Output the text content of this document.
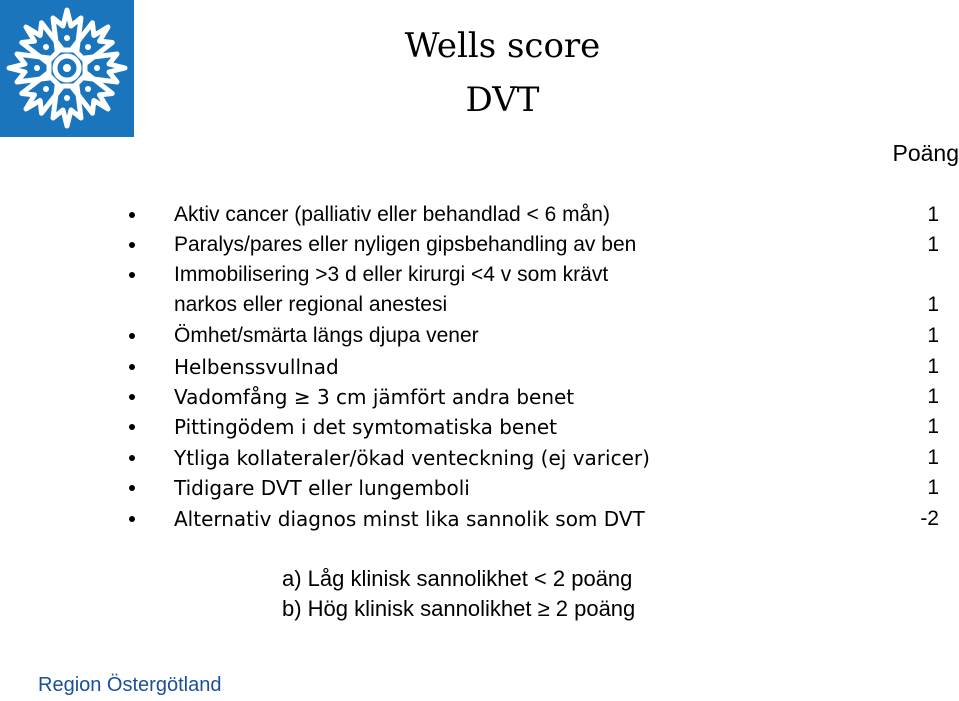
Wells score
DVT
Poäng
Aktiv cancer (palliativ eller behandlad < 6 mån)	1
Paralys/pares eller nyligen gipsbehandling av ben	1
Immobilisering >3 d eller kirurgi <4 v som krävt
narkos eller regional anestesi	1
Ömhet/smärta längs djupa vener	1
Helbenssvullnad	1
Vadomfång ≥ 3 cm jämfört andra benet	1
Pittingödem i det symtomatiska benet	1
Ytliga kollateraler/ökad venteckning (ej varicer)	1
Tidigare DVT eller lungemboli	1
Alternativ diagnos minst lika sannolik som DVT	-2
a) Låg klinisk sannolikhet < 2 poäng
b) Hög klinisk sannolikhet ≥ 2 poäng
Region Östergötland
